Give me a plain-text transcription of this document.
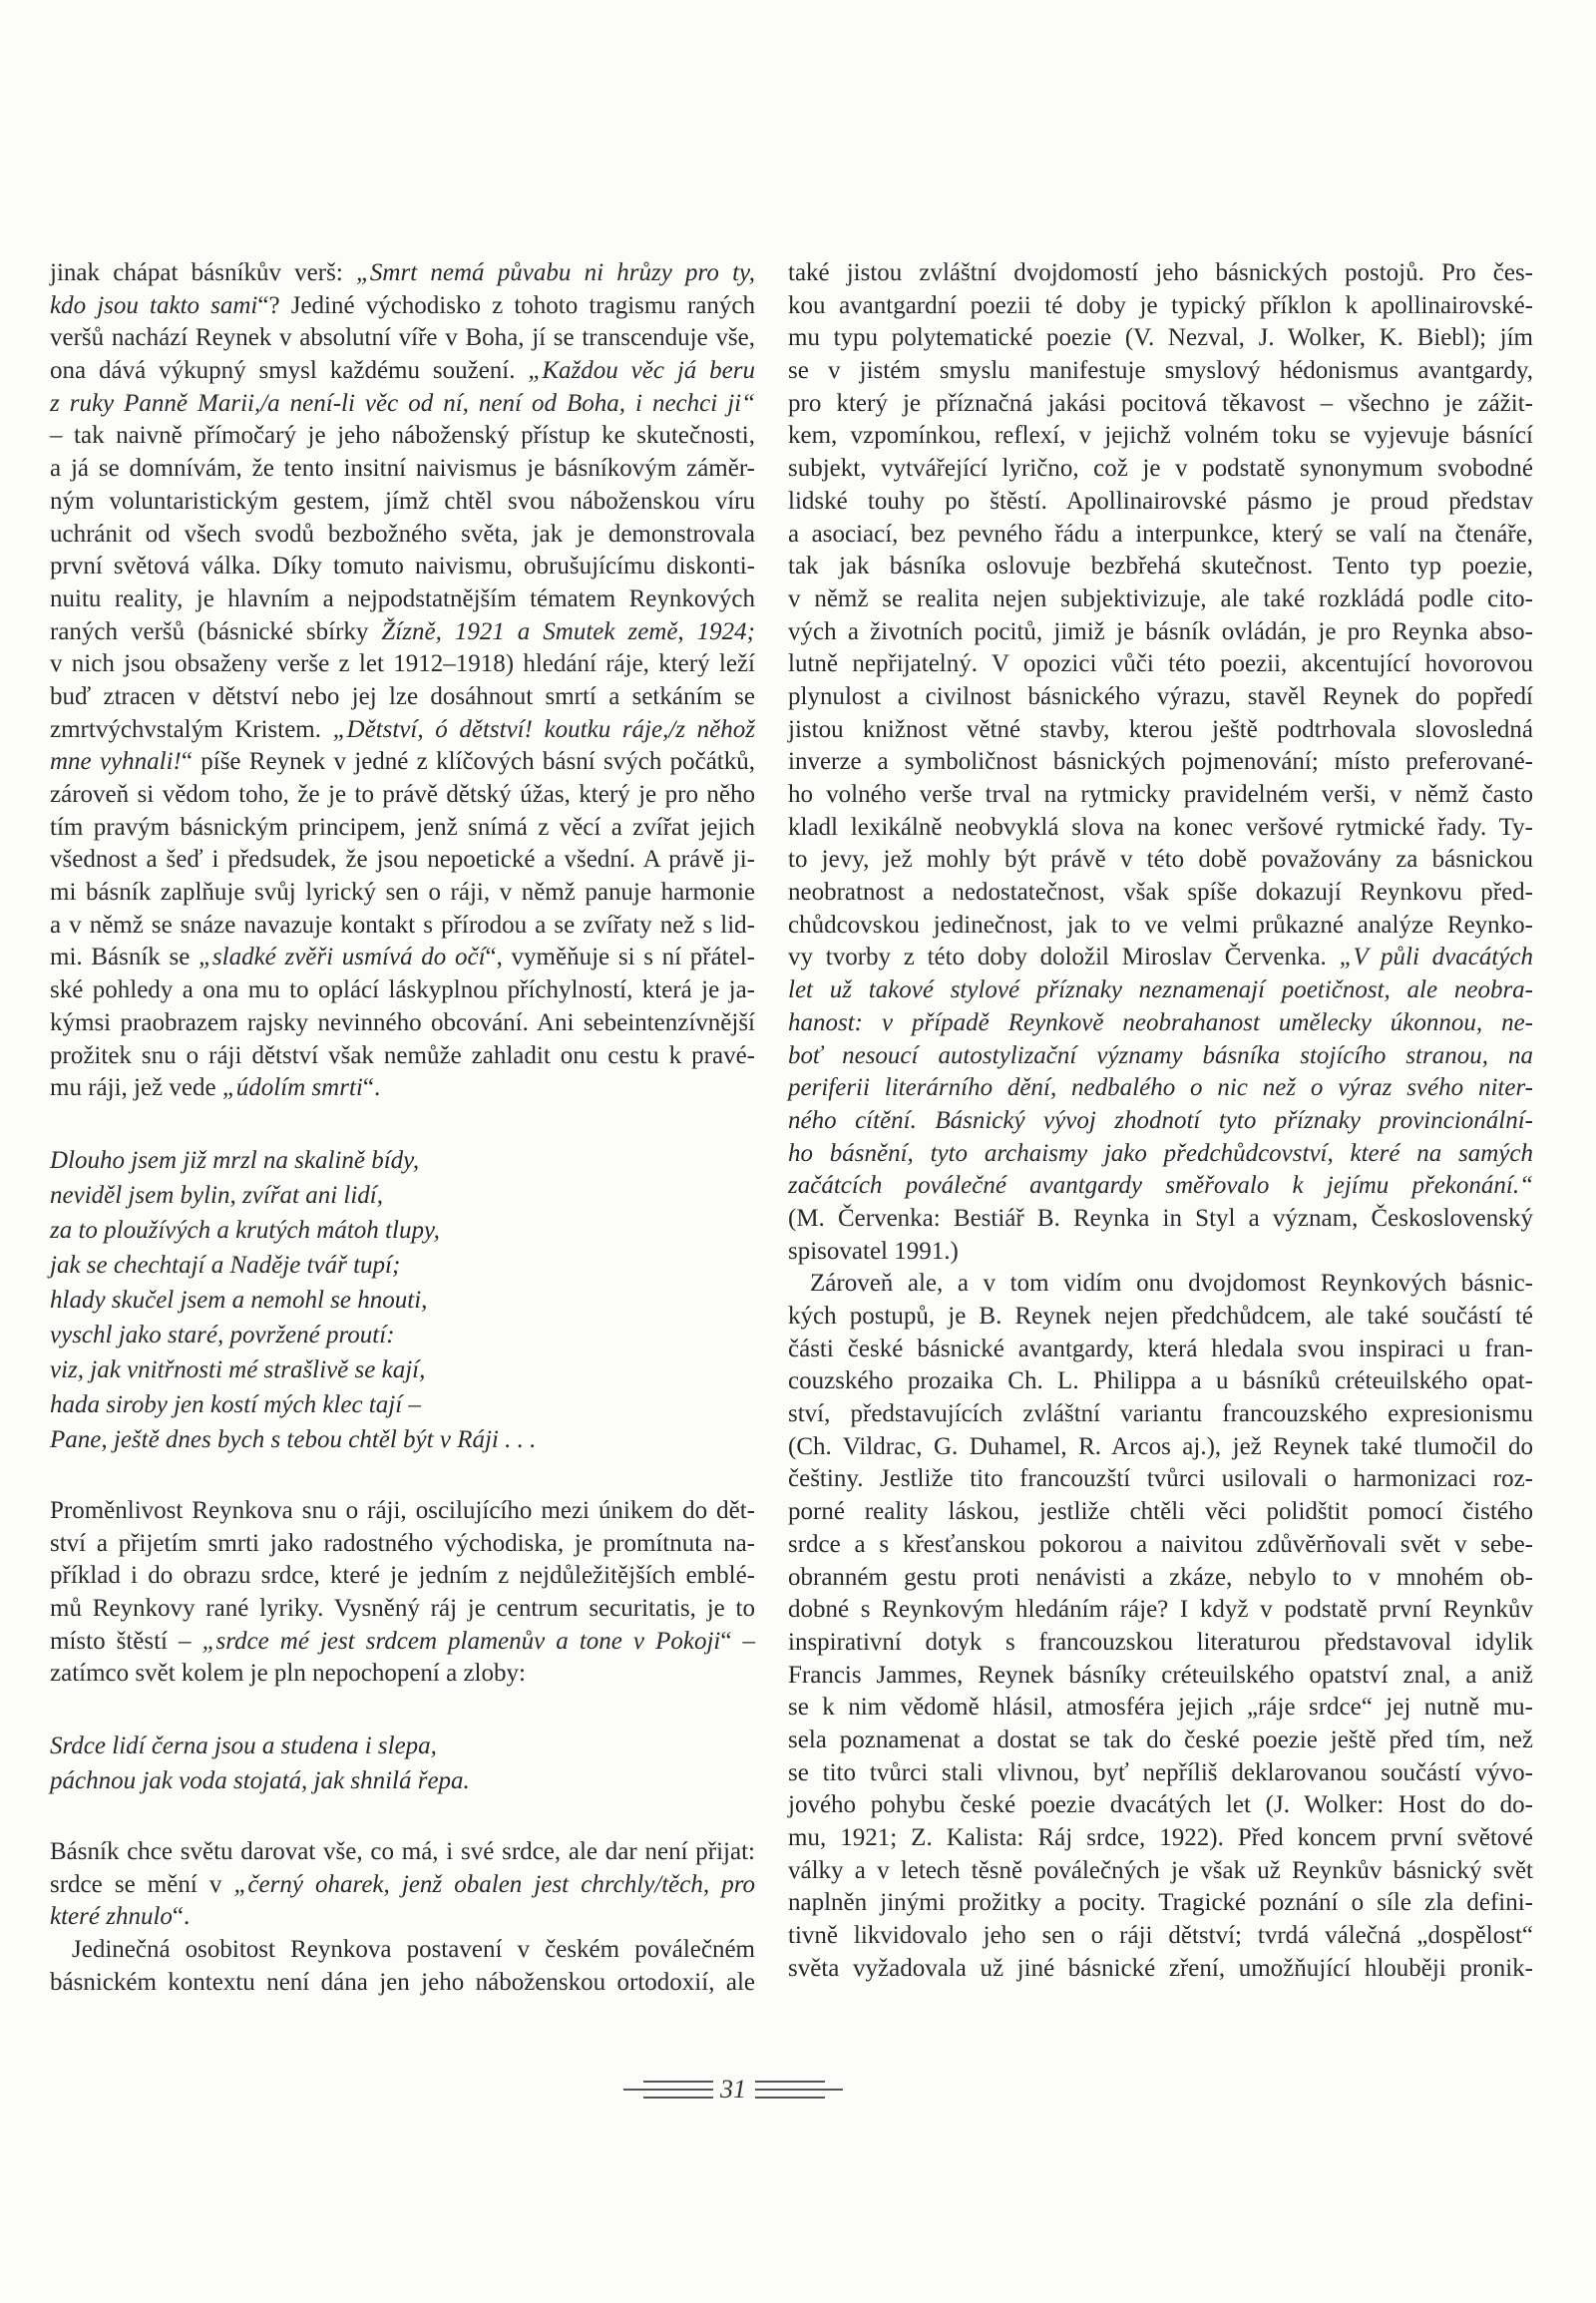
jinak chápat básníkův verš: „Smrt nemá půvabu ni hrůzy pro ty,
kdo jsou takto sami“? Jediné východisko z tohoto tragismu raných
veršů nachází Reynek v absolutní víře v Boha, jí se transcenduje vše,
ona dává výkupný smysl každému soužení. „Každou věc já beru
z ruky Panně Marii,/a není-li věc od ní, není od Boha, i nechci ji“
– tak naivně přímočarý je jeho náboženský přístup ke skutečnosti,
a já se domnívám, že tento insitní naivismus je básníkovým záměr-
ným voluntaristickým gestem, jímž chtěl svou náboženskou víru
uchránit od všech svodů bezbožného světa, jak je demonstrovala
první světová válka. Díky tomuto naivismu, obrušujícímu diskonti-
nuitu reality, je hlavním a nejpodstatnějším tématem Reynkových
raných veršů (básnické sbírky Žízně, 1921 a Smutek země, 1924;
v nich jsou obsaženy verše z let 1912–1918) hledání ráje, který leží
buď ztracen v dětství nebo jej lze dosáhnout smrtí a setkáním se
zmrtvýchvstalým Kristem. „Dětství, ó dětství! koutku ráje,/z něhož
mne vyhnali!“ píše Reynek v jedné z klíčových básní svých počátků,
zároveň si vědom toho, že je to právě dětský úžas, který je pro něho
tím pravým básnickým principem, jenž snímá z věcí a zvířat jejich
všednost a šeď i předsudek, že jsou nepoetické a všední. A právě ji-
mi básník zaplňuje svůj lyrický sen o ráji, v němž panuje harmonie
a v němž se snáze navazuje kontakt s přírodou a se zvířaty než s lid-
mi. Básník se „sladké zvěři usmívá do očí“, vyměňuje si s ní přátel-
ské pohledy a ona mu to oplácí láskyplnou příchylností, která je ja-
kýmsi praobrazem rajsky nevinného obcování. Ani sebeintenzívnější
prožitek snu o ráji dětství však nemůže zahladit onu cestu k pravé-
mu ráji, jež vede „údolím smrti“.
Dlouho jsem již mrzl na skalině bídy,
neviděl jsem bylin, zvířat ani lidí,
za to ploužívých a krutých mátoh tlupy,
jak se chechtají a Naděje tvář tupí;
hlady skučel jsem a nemohl se hnouti,
vyschl jako staré, povržené proutí:
viz, jak vnitřnosti mé strašlivě se kají,
hada siroby jen kostí mých klec tají –
Pane, ještě dnes bych s tebou chtěl být v Ráji . . .
Proměnlivost Reynkova snu o ráji, oscilujícího mezi únikem do dět-
ství a přijetím smrti jako radostného východiska, je promítnuta na-
příklad i do obrazu srdce, které je jedním z nejdůležitějších emblé-
mů Reynkovy rané lyriky. Vysněný ráj je centrum securitatis, je to
místo štěstí – „srdce mé jest srdcem plamenův a tone v Pokoji“ –
zatímco svět kolem je pln nepochopení a zloby:
Srdce lidí černa jsou a studena i slepa,
páchnou jak voda stojatá, jak shnilá řepa.
Básník chce světu darovat vše, co má, i své srdce, ale dar není přijat:
srdce se mění v „černý oharek, jenž obalen jest chrchly/těch, pro
které zhnulo“.
Jedinečná osobitost Reynkova postavení v českém poválečném
básnickém kontextu není dána jen jeho náboženskou ortodoxií, ale
také jistou zvláštní dvojdomostí jeho básnických postojů. Pro čes-
kou avantgardní poezii té doby je typický příklon k apollinairovské-
mu typu polytematické poezie (V. Nezval, J. Wolker, K. Biebl); jím
se v jistém smyslu manifestuje smyslový hédonismus avantgardy,
pro který je příznačná jakási pocitová těkavost – všechno je zážit-
kem, vzpomínkou, reflexí, v jejichž volném toku se vyjevuje básnící
subjekt, vytvářející lyrično, což je v podstatě synonymum svobodné
lidské touhy po štěstí. Apollinairovské pásmo je proud představ
a asociací, bez pevného řádu a interpunkce, který se valí na čtenáře,
tak jak básníka oslovuje bezbřehá skutečnost. Tento typ poezie,
v němž se realita nejen subjektivizuje, ale také rozkládá podle cito-
vých a životních pocitů, jimiž je básník ovládán, je pro Reynka abso-
lutně nepřijatelný. V opozici vůči této poezii, akcentující hovorovou
plynulost a civilnost básnického výrazu, stavěl Reynek do popředí
jistou knižnost větné stavby, kterou ještě podtrhovala slovosledná
inverze a symboličnost básnických pojmenování; místo preferované-
ho volného verše trval na rytmicky pravidelném verši, v němž často
kladl lexikálně neobvyklá slova na konec veršové rytmické řady. Ty-
to jevy, jež mohly být právě v této době považovány za básnickou
neobratnost a nedostatečnost, však spíše dokazují Reynkovu před-
chůdcovskou jedinečnost, jak to ve velmi průkazné analýze Reynko-
vy tvorby z této doby doložil Miroslav Červenka. „V půli dvacátých
let už takové stylové příznaky neznamenají poetičnost, ale neobra-
hanost: v případě Reynkově neobrahanost umělecky úkonnou, ne-
boť nesoucí autostylizační významy básníka stojícího stranou, na
periferii literárního dění, nedbalého o nic než o výraz svého niter-
ného cítění. Básnický vývoj zhodnotí tyto příznaky provincionální-
ho básnění, tyto archaismy jako předchůdcovství, které na samých
začátcích poválečné avantgardy směřovalo k jejímu překonání.“
(M. Červenka: Bestiář B. Reynka in Styl a význam, Československý
spisovatel 1991.)
Zároveň ale, a v tom vidím onu dvojdomost Reynkových básnic-
kých postupů, je B. Reynek nejen předchůdcem, ale také součástí té
části české básnické avantgardy, která hledala svou inspiraci u fran-
couzského prozaika Ch. L. Philippa a u básníků créteuilského opat-
ství, představujících zvláštní variantu francouzského expresionismu
(Ch. Vildrac, G. Duhamel, R. Arcos aj.), jež Reynek také tlumočil do
češtiny. Jestliže tito francouzští tvůrci usilovali o harmonizaci roz-
porné reality láskou, jestliže chtěli věci polidštit pomocí čistého
srdce a s křesťanskou pokorou a naivitou zdůvěrňovali svět v sebe-
obranném gestu proti nenávisti a zkáze, nebylo to v mnohém ob-
dobné s Reynkovým hledáním ráje? I když v podstatě první Reynkův
inspirativní dotyk s francouzskou literaturou představoval idylik
Francis Jammes, Reynek básníky créteuilského opatství znal, a aniž
se k nim vědomě hlásil, atmosféra jejich „ráje srdce“ jej nutně mu-
sela poznamenat a dostat se tak do české poezie ještě před tím, než
se tito tvůrci stali vlivnou, byť nepříliš deklarovanou součástí vývo-
jového pohybu české poezie dvacátých let (J. Wolker: Host do do-
mu, 1921; Z. Kalista: Ráj srdce, 1922). Před koncem první světové
války a v letech těsně poválečných je však už Reynkův básnický svět
naplněn jinými prožitky a pocity. Tragické poznání o síle zla defini-
tivně likvidovalo jeho sen o ráji dětství; tvrdá válečná „dospělost“
světa vyžadovala už jiné básnické zření, umožňující hlouběji pronik-
31
